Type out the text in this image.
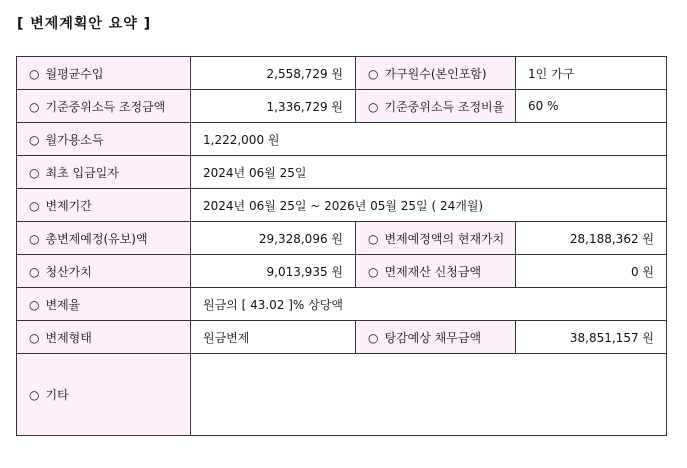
[ 변제계획안 요약 ]
○ 월평균수입	2,558,729 원	○ 가구원수(본인포함)	1인 가구
○ 기준중위소득 조정금액	1,336,729 원	○ 기준중위소득 조정비율	60 %
○ 월가용소득	1,222,000 원		
○ 최초 입금일자	2024년 06월 25일		
○ 변제기간	2024년 06월 25일 ~ 2026년 05월 25일 ( 24개월)		
○ 총변제예정(유보)액	29,328,096 원	○ 변제예정액의 현재가치	28,188,362 원
○ 청산가치	9,013,935 원	○ 면제재산 신청금액	0 원
○ 변제율	원금의 [ 43.02 ]% 상당액		
○ 변제형태	원금변제	○ 탕감예상 채무금액	38,851,157 원
○ 기타			
